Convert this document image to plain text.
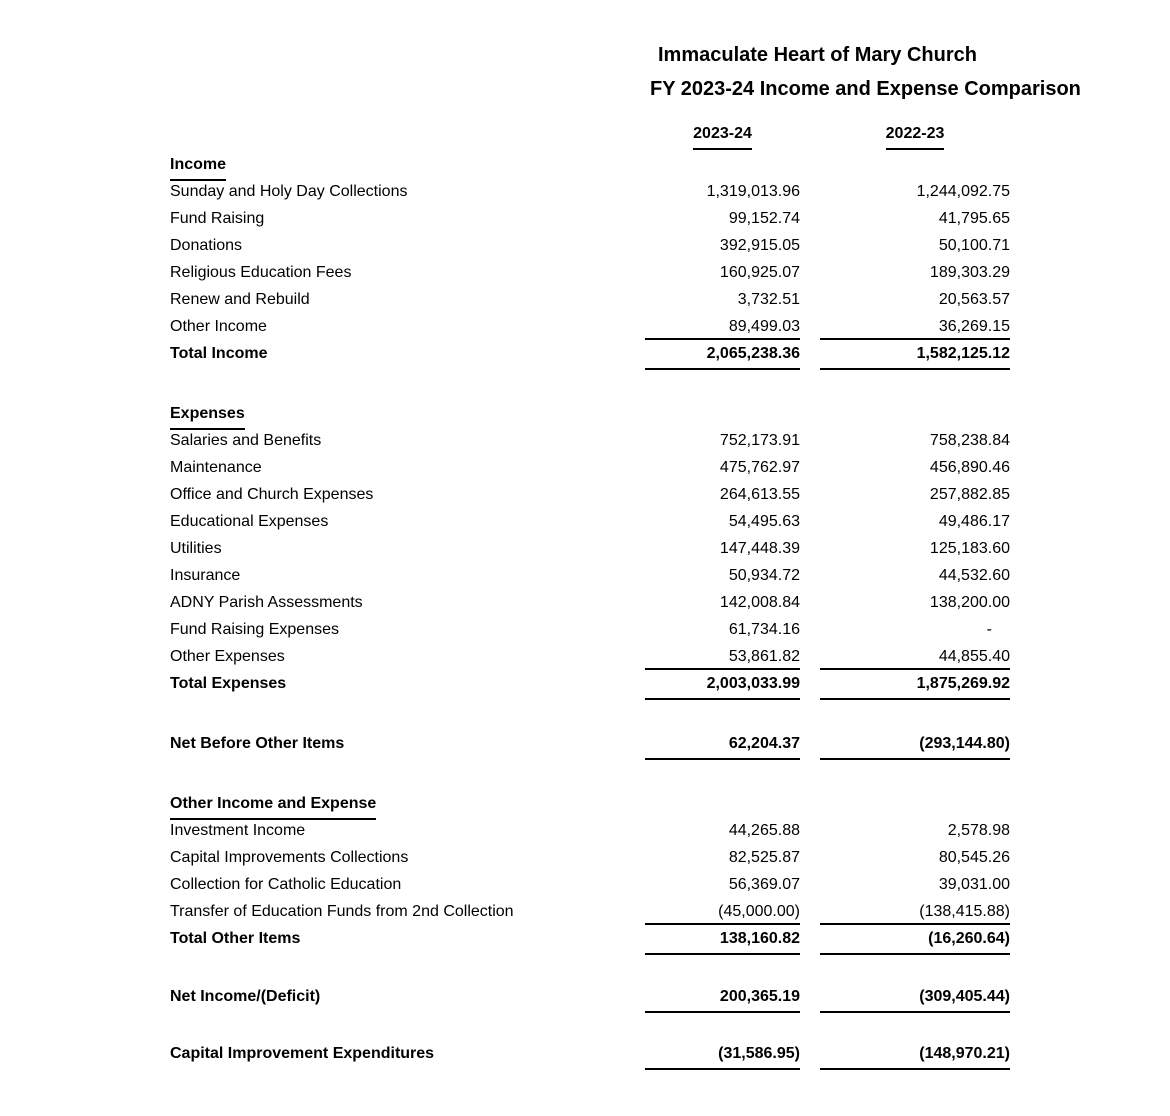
Immaculate Heart of Mary Church
FY 2023-24 Income and Expense Comparison
2023-24	2022-23
Income
Sunday and Holy Day Collections	1,319,013.96	1,244,092.75
Fund Raising	99,152.74	41,795.65
Donations	392,915.05	50,100.71
Religious Education Fees	160,925.07	189,303.29
Renew and Rebuild	3,732.51	20,563.57
Other Income	89,499.03	36,269.15
Total Income	2,065,238.36	1,582,125.12
Expenses
Salaries and Benefits	752,173.91	758,238.84
Maintenance	475,762.97	456,890.46
Office and Church Expenses	264,613.55	257,882.85
Educational Expenses	54,495.63	49,486.17
Utilities	147,448.39	125,183.60
Insurance	50,934.72	44,532.60
ADNY Parish Assessments	142,008.84	138,200.00
Fund Raising Expenses	61,734.16	-
Other Expenses	53,861.82	44,855.40
Total Expenses	2,003,033.99	1,875,269.92
Net Before Other Items	62,204.37	(293,144.80)
Other Income and Expense
Investment Income	44,265.88	2,578.98
Capital Improvements Collections	82,525.87	80,545.26
Collection for Catholic Education	56,369.07	39,031.00
Transfer of Education Funds from 2nd Collection	(45,000.00)	(138,415.88)
Total Other Items	138,160.82	(16,260.64)
Net Income/(Deficit)	200,365.19	(309,405.44)
Capital Improvement Expenditures	(31,586.95)	(148,970.21)
